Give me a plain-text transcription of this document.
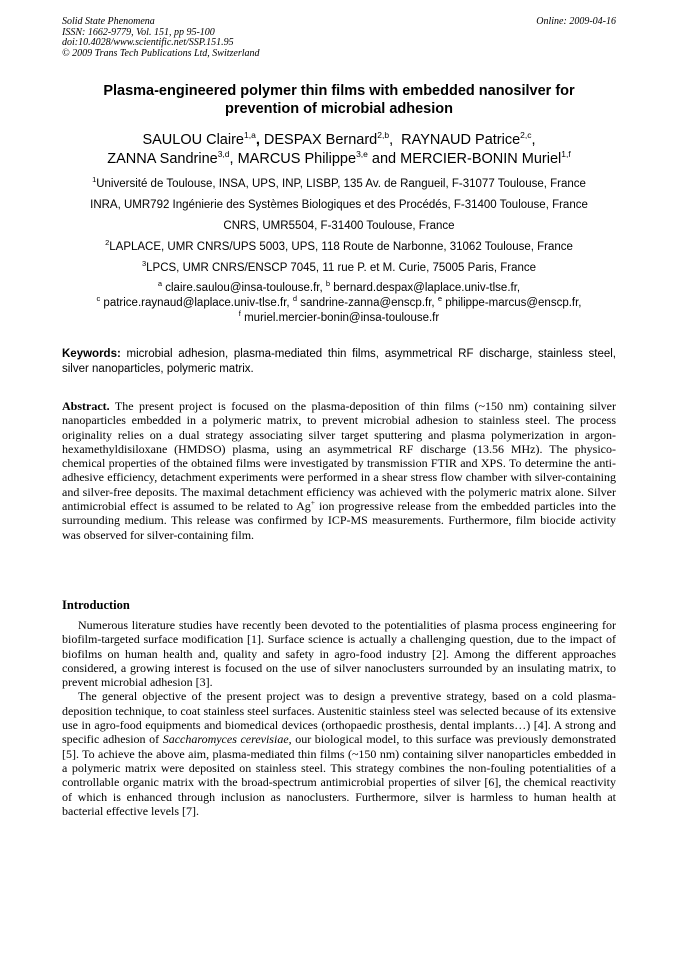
Solid State Phenomena	Online: 2009-04-16
ISSN: 1662-9779, Vol. 151, pp 95-100
doi:10.4028/www.scientific.net/SSP.151.95
© 2009 Trans Tech Publications Ltd, Switzerland
Plasma-engineered polymer thin films with embedded nanosilver for
prevention of microbial adhesion
SAULOU Claire$^{1,a}$, DESPAX Bernard$^{2,b}$,  RAYNAUD Patrice$^{2,c}$,
ZANNA Sandrine$^{3,d}$, MARCUS Philippe$^{3,e}$ and MERCIER-BONIN Muriel$^{1,f}$
$^1$Université de Toulouse, INSA, UPS, INP, LISBP, 135 Av. de Rangueil, F-31077 Toulouse, France
INRA, UMR792 Ingénierie des Systèmes Biologiques et des Procédés, F-31400 Toulouse, France
CNRS, UMR5504, F-31400 Toulouse, France
$^2$LAPLACE, UMR CNRS/UPS 5003, UPS, 118 Route de Narbonne, 31062 Toulouse, France
$^3$LPCS, UMR CNRS/ENSCP 7045, 11 rue P. et M. Curie, 75005 Paris, France
$^a$ claire.saulou@insa-toulouse.fr, $^b$ bernard.despax@laplace.univ-tlse.fr,
$^c$ patrice.raynaud@laplace.univ-tlse.fr, $^d$ sandrine-zanna@enscp.fr, $^e$ philippe-marcus@enscp.fr,
$^f$ muriel.mercier-bonin@insa-toulouse.fr
Keywords: microbial adhesion, plasma-mediated thin films, asymmetrical RF discharge, stainless steel, silver nanoparticles, polymeric matrix.
Abstract. The present project is focused on the plasma-deposition of thin films (~150 nm) containing silver nanoparticles embedded in a polymeric matrix, to prevent microbial adhesion to stainless steel. The process originality relies on a dual strategy associating silver target sputtering and plasma polymerization in argon-hexamethyldisiloxane (HMDSO) plasma, using an asymmetrical RF discharge (13.56 MHz). The physico-chemical properties of the obtained films were investigated by transmission FTIR and XPS. To determine the anti-adhesive efficiency, detachment experiments were performed in a shear stress flow chamber with silver-containing and silver-free deposits. The maximal detachment efficiency was achieved with the polymeric matrix alone. Silver antimicrobial effect is assumed to be related to Ag+ ion progressive release from the embedded particles into the surrounding medium. This release was confirmed by ICP-MS measurements. Furthermore, film biocide activity was observed for silver-containing film.
Introduction

Numerous literature studies have recently been devoted to the potentialities of plasma process engineering for biofilm-targeted surface modification [1]. Surface science is actually a challenging question, due to the impact of biofilms on human health and, quality and safety in agro-food industry [2]. Among the different approaches considered, a growing interest is focused on the use of silver nanoclusters surrounded by an insulating matrix, to prevent microbial adhesion [3].

The general objective of the present project was to design a preventive strategy, based on a cold plasma-deposition technique, to coat stainless steel surfaces. Austenitic stainless steel was selected because of its extensive use in agro-food equipments and biomedical devices (orthopaedic prosthesis, dental implants…) [4]. A strong and specific adhesion of Saccharomyces cerevisiae, our biological model, to this surface was previously demonstrated [5]. To achieve the above aim, plasma-mediated thin films (~150 nm) containing silver nanoparticles embedded in a polymeric matrix were deposited on stainless steel. This strategy combines the non-fouling potentialities of a controllable organic matrix with the broad-spectrum antimicrobial properties of silver [6], the chemical reactivity of which is enhanced through inclusion as nanoclusters. Furthermore, silver is harmless to human health at bacterial effective levels [7].
